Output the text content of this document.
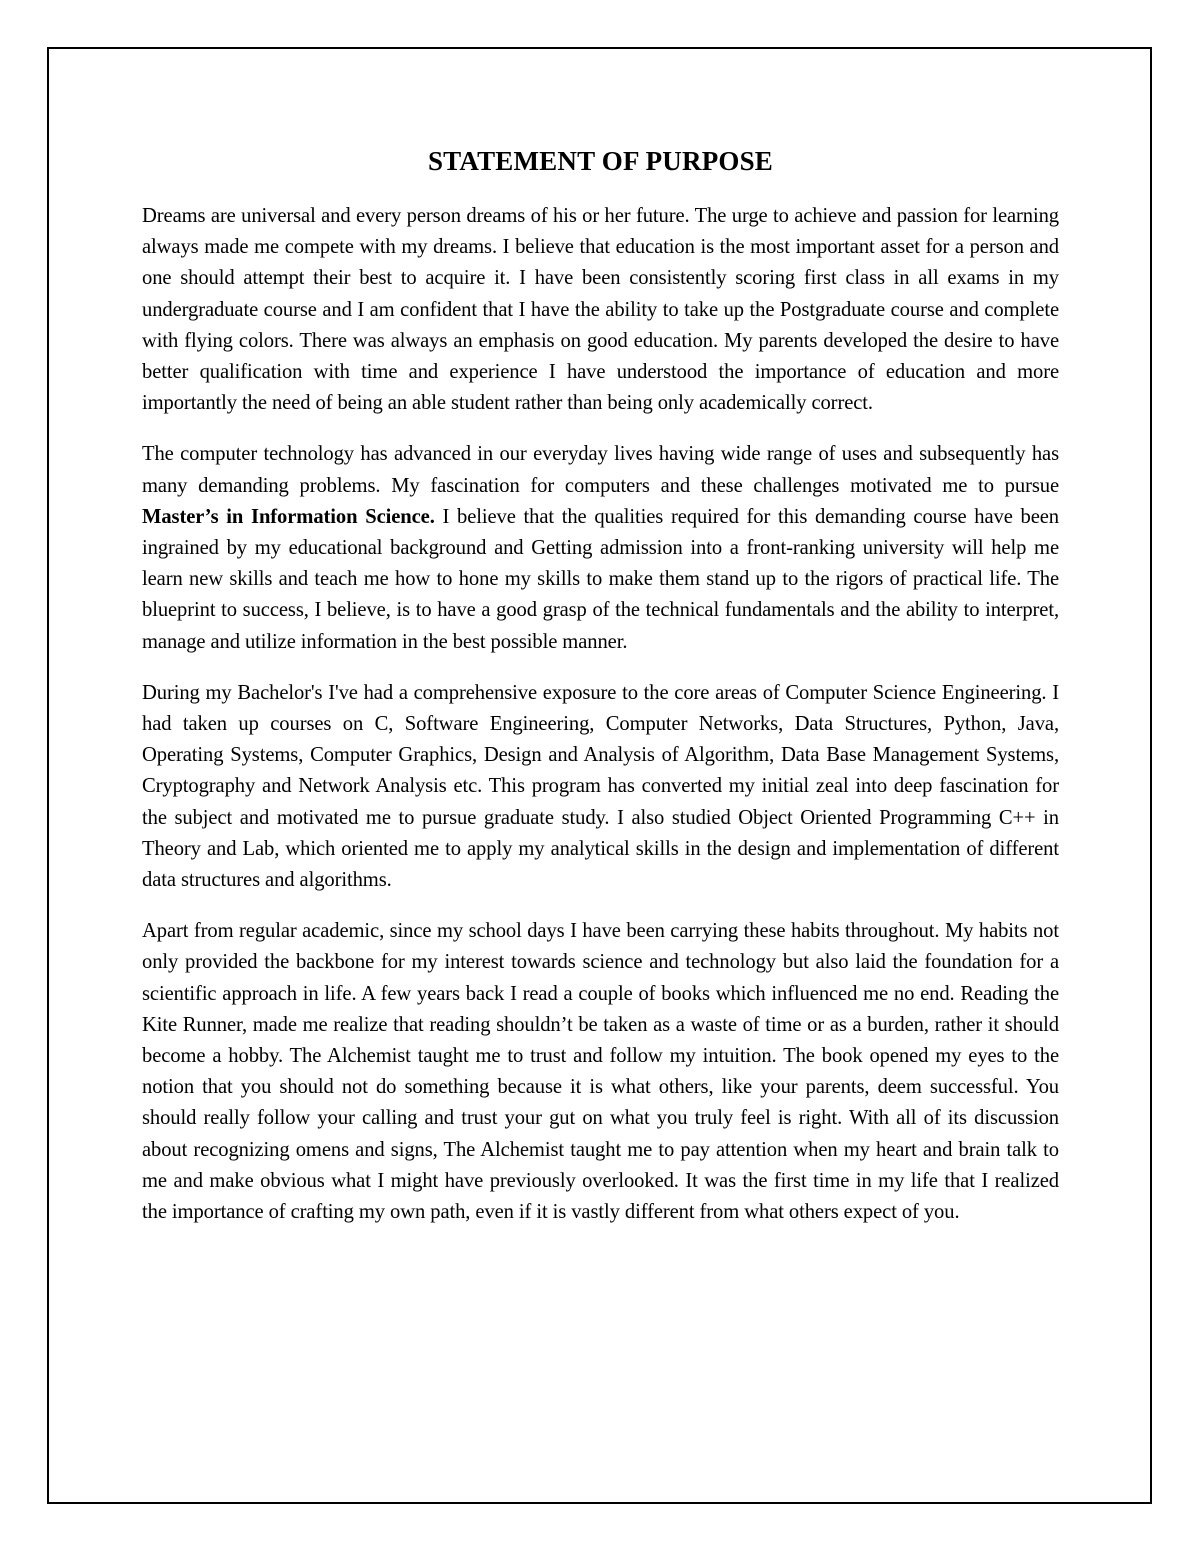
STATEMENT OF PURPOSE

Dreams are universal and every person dreams of his or her future. The urge to achieve and passion for learning always made me compete with my dreams. I believe that education is the most important asset for a person and one should attempt their best to acquire it. I have been consistently scoring first class in all exams in my undergraduate course and I am confident that I have the ability to take up the Postgraduate course and complete with flying colors. There was always an emphasis on good education. My parents developed the desire to have better qualification with time and experience I have understood the importance of education and more importantly the need of being an able student rather than being only academically correct.

The computer technology has advanced in our everyday lives having wide range of uses and subsequently has many demanding problems. My fascination for computers and these challenges motivated me to pursue Master’s in Information Science. I believe that the qualities required for this demanding course have been ingrained by my educational background and Getting admission into a front-ranking university will help me learn new skills and teach me how to hone my skills to make them stand up to the rigors of practical life. The blueprint to success, I believe, is to have a good grasp of the technical fundamentals and the ability to interpret, manage and utilize information in the best possible manner.

During my Bachelor's I've had a comprehensive exposure to the core areas of Computer Science Engineering. I had taken up courses on C, Software Engineering, Computer Networks, Data Structures, Python, Java, Operating Systems, Computer Graphics, Design and Analysis of Algorithm, Data Base Management Systems, Cryptography and Network Analysis etc. This program has converted my initial zeal into deep fascination for the subject and motivated me to pursue graduate study. I also studied Object Oriented Programming C++ in Theory and Lab, which oriented me to apply my analytical skills in the design and implementation of different data structures and algorithms.

Apart from regular academic, since my school days I have been carrying these habits throughout. My habits not only provided the backbone for my interest towards science and technology but also laid the foundation for a scientific approach in life. A few years back I read a couple of books which influenced me no end. Reading the Kite Runner, made me realize that reading shouldn’t be taken as a waste of time or as a burden, rather it should become a hobby. The Alchemist taught me to trust and follow my intuition. The book opened my eyes to the notion that you should not do something because it is what others, like your parents, deem successful. You should really follow your calling and trust your gut on what you truly feel is right. With all of its discussion about recognizing omens and signs, The Alchemist taught me to pay attention when my heart and brain talk to me and make obvious what I might have previously overlooked. It was the first time in my life that I realized the importance of crafting my own path, even if it is vastly different from what others expect of you.
